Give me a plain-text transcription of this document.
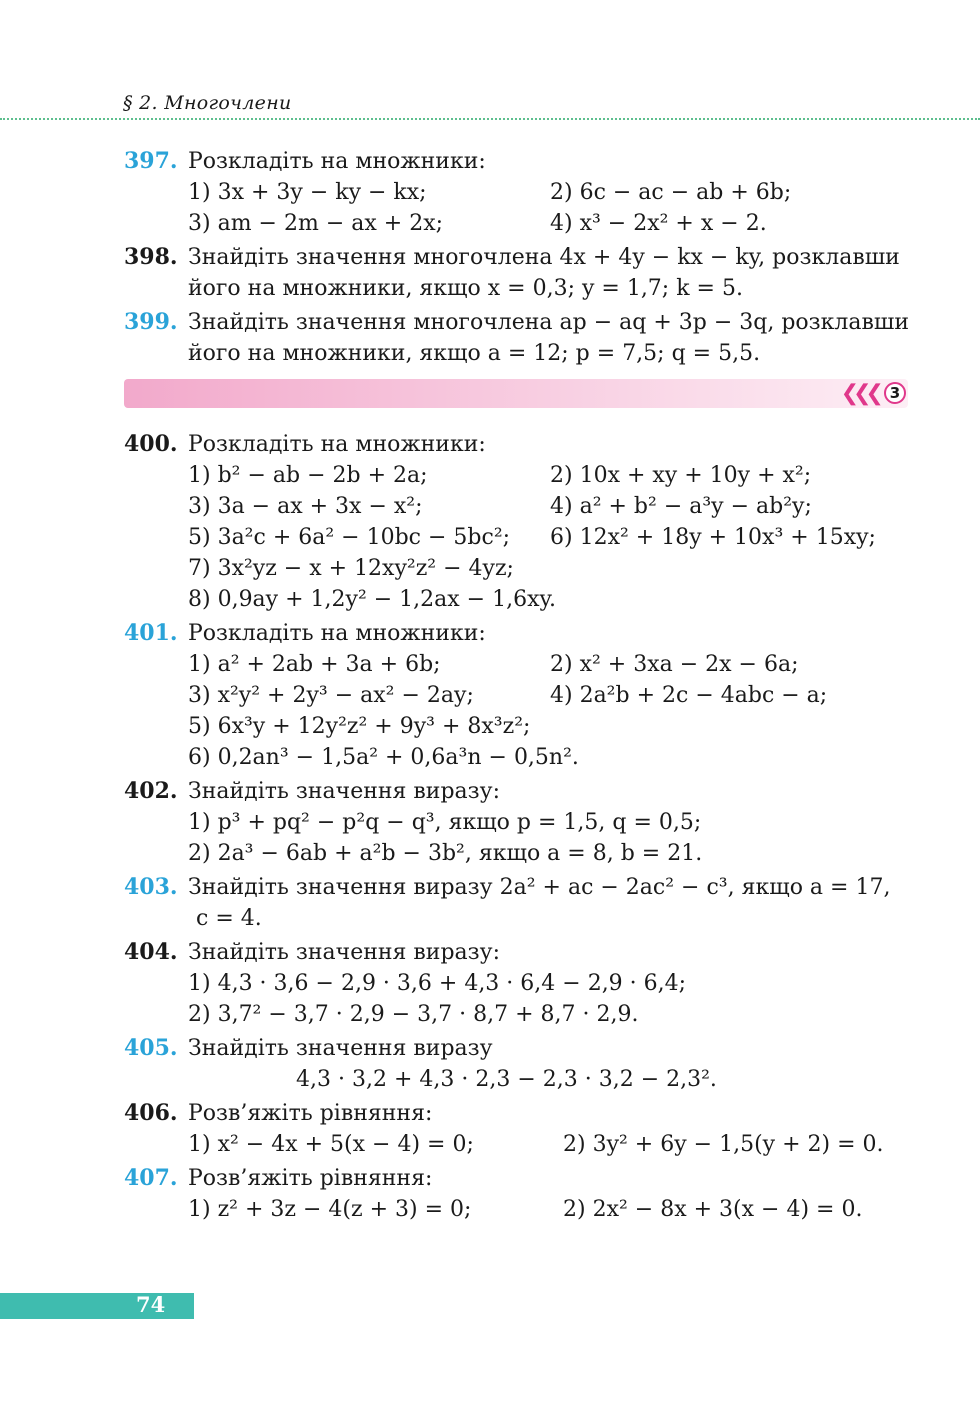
§ 2. Многочлени
397. Розкладіть на множники:
1) 3x + 3y − ky − kx;	2) 6c − ac − ab + 6b;
3) am − 2m − ax + 2x;	4) x³ − 2x² + x − 2.
398. Знайдіть значення многочлена 4x + 4y − kx − ky, розклавши його на множники, якщо x = 0,3; y = 1,7; k = 5.
399. Знайдіть значення многочлена ap − aq + 3p − 3q, розклавши його на множники, якщо a = 12; p = 7,5; q = 5,5.
❮❮❮ 3
400. Розкладіть на множники:
1) b² − ab − 2b + 2a;	2) 10x + xy + 10y + x²;
3) 3a − ax + 3x − x²;	4) a² + b² − a³y − ab²y;
5) 3a²c + 6a² − 10bc − 5bc²;	6) 12x² + 18y + 10x³ + 15xy;
7) 3x²yz − x + 12xy²z² − 4yz;
8) 0,9ay + 1,2y² − 1,2ax − 1,6xy.
401. Розкладіть на множники:
1) a² + 2ab + 3a + 6b;	2) x² + 3xa − 2x − 6a;
3) x²y² + 2y³ − ax² − 2ay;	4) 2a²b + 2c − 4abc − a;
5) 6x³y + 12y²z² + 9y³ + 8x³z²;
6) 0,2an³ − 1,5a² + 0,6a³n − 0,5n².
402. Знайдіть значення виразу:
1) p³ + pq² − p²q − q³, якщо p = 1,5, q = 0,5;
2) 2a³ − 6ab + a²b − 3b², якщо a = 8, b = 21.
403. Знайдіть значення виразу 2a² + ac − 2ac² − c³, якщо a = 17,
c = 4.
404. Знайдіть значення виразу:
1) 4,3 · 3,6 − 2,9 · 3,6 + 4,3 · 6,4 − 2,9 · 6,4;
2) 3,7² − 3,7 · 2,9 − 3,7 · 8,7 + 8,7 · 2,9.
405. Знайдіть значення виразу
4,3 · 3,2 + 4,3 · 2,3 − 2,3 · 3,2 − 2,3².
406. Розв’яжіть рівняння:
1) x² − 4x + 5(x − 4) = 0;	2) 3y² + 6y − 1,5(y + 2) = 0.
407. Розв’яжіть рівняння:
1) z² + 3z − 4(z + 3) = 0;	2) 2x² − 8x + 3(x − 4) = 0.
74
